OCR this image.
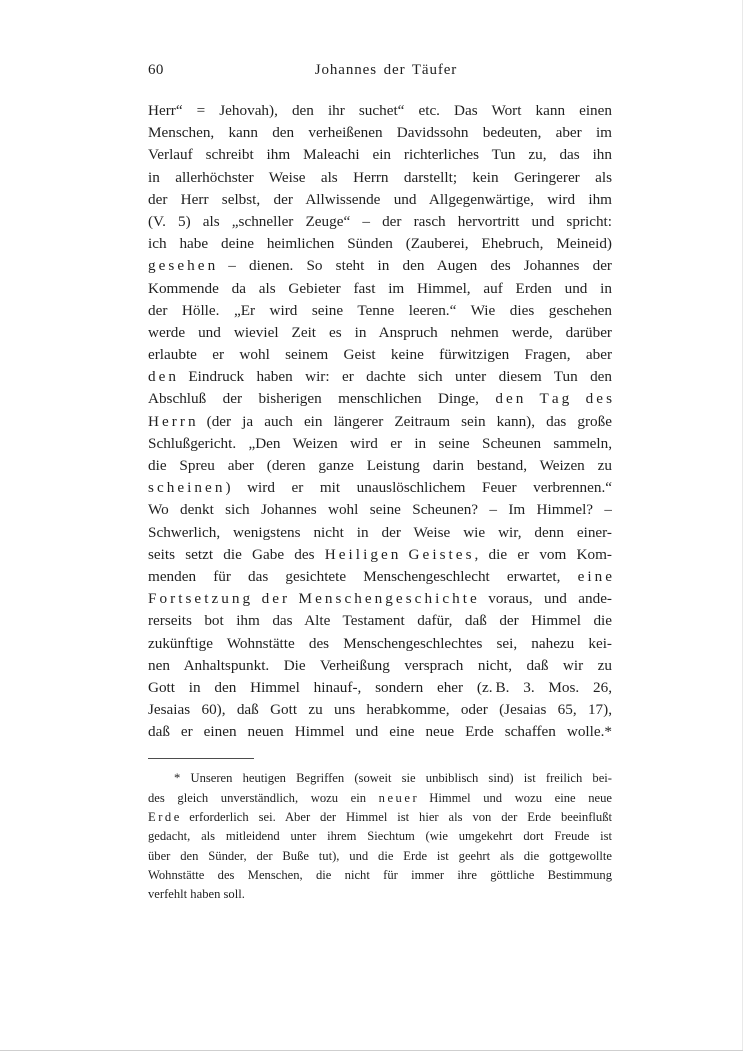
60	Johannes der Täufer
Herr“ = Jehovah), den ihr suchet“ etc. Das Wort kann einen
Menschen, kann den verheißenen Davidssohn bedeuten, aber im
Verlauf schreibt ihm Maleachi ein richterliches Tun zu, das ihn
in allerhöchster Weise als Herrn darstellt; kein Geringerer als
der Herr selbst, der Allwissende und Allgegenwärtige, wird ihm
(V. 5) als „schneller Zeuge“ – der rasch hervortritt und spricht:
ich habe deine heimlichen Sünden (Zauberei, Ehebruch, Meineid)
g e s e h e n – dienen. So steht in den Augen des Johannes der
Kommende da als Gebieter fast im Himmel, auf Erden und in
der Hölle. „Er wird seine Tenne leeren.“ Wie dies geschehen
werde und wieviel Zeit es in Anspruch nehmen werde, darüber
erlaubte er wohl seinem Geist keine fürwitzigen Fragen, aber
d e n Eindruck haben wir: er dachte sich unter diesem Tun den
Abschluß der bisherigen menschlichen Dinge, d e n T a g d e s
H e r r n (der ja auch ein längerer Zeitraum sein kann), das große
Schlußgericht. „Den Weizen wird er in seine Scheunen sammeln,
die Spreu aber (deren ganze Leistung darin bestand, Weizen zu
s c h e i n e n ) wird er mit unauslöschlichem Feuer verbrennen.“
Wo denkt sich Johannes wohl seine Scheunen? – Im Himmel? –
Schwerlich, wenigstens nicht in der Weise wie wir, denn einer-
seits setzt die Gabe des H e i l i g e n G e i s t e s , die er vom Kom-
menden für das gesichtete Menschengeschlecht erwartet, e i n e
F o r t s e t z u n g d e r M e n s c h e n g e s c h i c h t e voraus, und ande-
rerseits bot ihm das Alte Testament dafür, daß der Himmel die
zukünftige Wohnstätte des Menschengeschlechtes sei, nahezu kei-
nen Anhaltspunkt. Die Verheißung versprach nicht, daß wir zu
Gott in den Himmel hinauf-, sondern eher (z. B. 3. Mos. 26,
Jesaias 60), daß Gott zu uns herabkomme, oder (Jesaias 65, 17),
daß er einen neuen Himmel und eine neue Erde schaffen wolle.*
* Unseren heutigen Begriffen (soweit sie unbiblisch sind) ist freilich bei-
des gleich unverständlich, wozu ein n e u e r Himmel und wozu eine neue
E r d e erforderlich sei. Aber der Himmel ist hier als von der Erde beeinflußt
gedacht, als mitleidend unter ihrem Siechtum (wie umgekehrt dort Freude ist
über den Sünder, der Buße tut), und die Erde ist geehrt als die gottgewollte
Wohnstätte des Menschen, die nicht für immer ihre göttliche Bestimmung
verfehlt haben soll.
